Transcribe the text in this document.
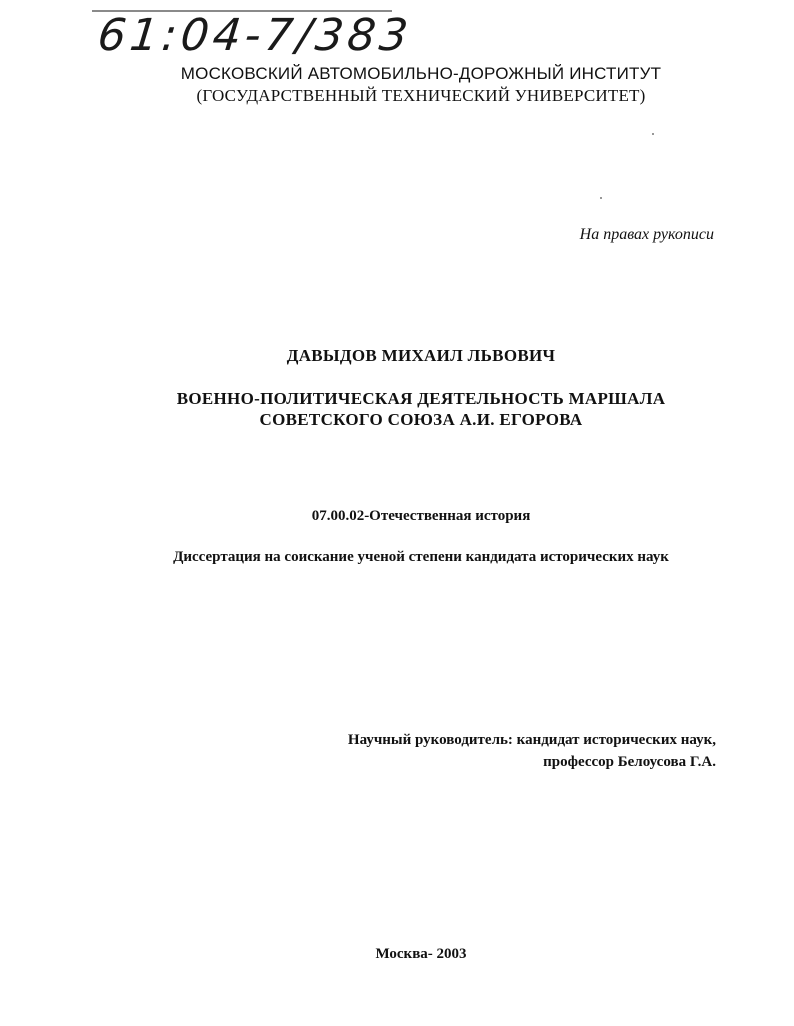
61:04-7/383
МОСКОВСКИЙ АВТОМОБИЛЬНО-ДОРОЖНЫЙ ИНСТИТУТ
(ГОСУДАРСТВЕННЫЙ ТЕХНИЧЕСКИЙ УНИВЕРСИТЕТ)
На правах рукописи
ДАВЫДОВ МИХАИЛ ЛЬВОВИЧ
ВОЕННО-ПОЛИТИЧЕСКАЯ ДЕЯТЕЛЬНОСТЬ МАРШАЛА
СОВЕТСКОГО СОЮЗА А.И. ЕГОРОВА
07.00.02-Отечественная история
Диссертация на соискание ученой степени кандидата исторических наук
Научный руководитель: кандидат исторических наук,
профессор Белоусова Г.А.
Москва- 2003
